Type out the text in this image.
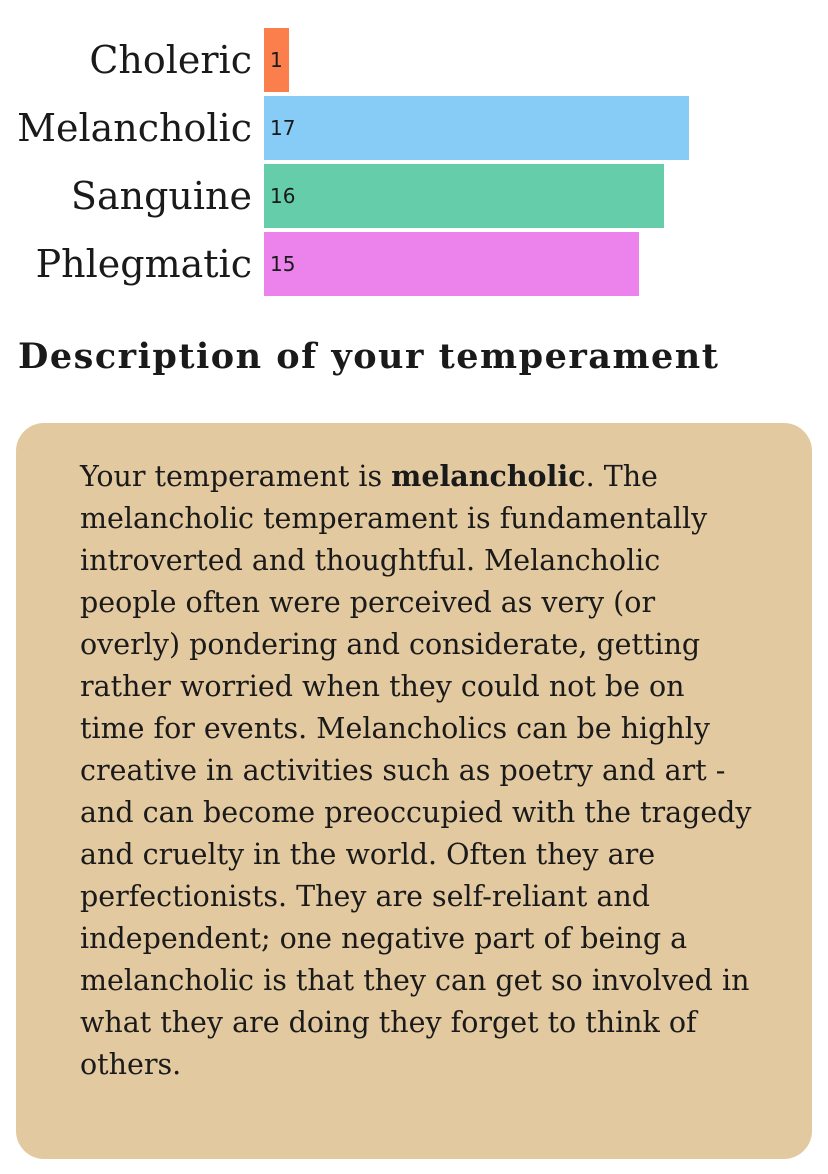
Choleric 1
Melancholic 17
Sanguine 16
Phlegmatic 15
Description of your temperament

Your temperament is melancholic. The melancholic temperament is fundamentally introverted and thoughtful. Melancholic people often were perceived as very (or overly) pondering and considerate, getting rather worried when they could not be on time for events. Melancholics can be highly creative in activities such as poetry and art - and can become preoccupied with the tragedy and cruelty in the world. Often they are perfectionists. They are self-reliant and independent; one negative part of being a melancholic is that they can get so involved in what they are doing they forget to think of others.
